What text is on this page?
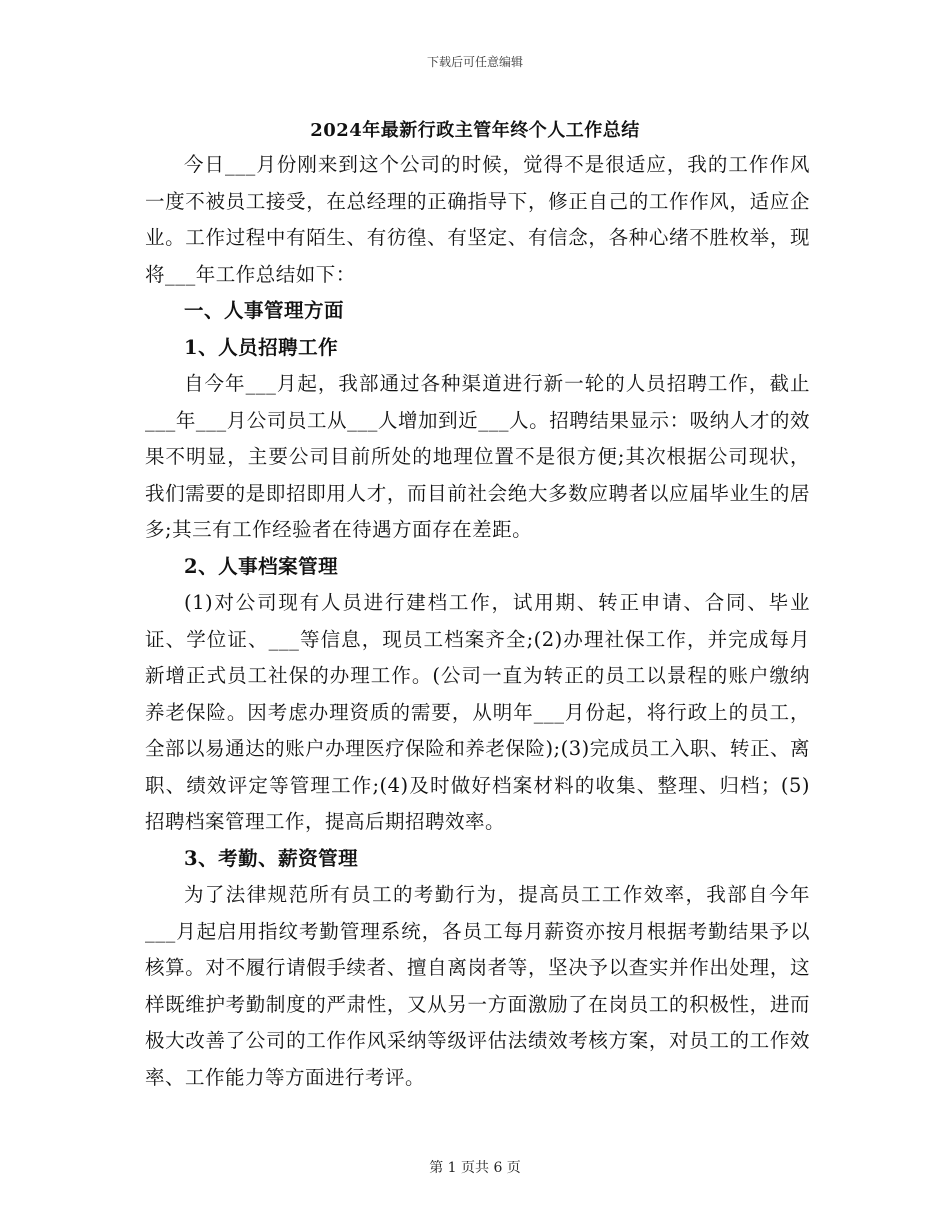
下载后可任意编辑
2024年最新行政主管年终个人工作总结

今日___月份刚来到这个公司的时候，觉得不是很适应，我的工作作风一度不被员工接受，在总经理的正确指导下，修正自己的工作作风，适应企业。工作过程中有陌生、有彷徨、有坚定、有信念，各种心绪不胜枚举，现将___年工作总结如下：

一、人事管理方面

1、人员招聘工作

自今年___月起，我部通过各种渠道进行新一轮的人员招聘工作，截止___年___月公司员工从___人增加到近___人。招聘结果显示：吸纳人才的效果不明显，主要公司目前所处的地理位置不是很方便;其次根据公司现状，我们需要的是即招即用人才，而目前社会绝大多数应聘者以应届毕业生的居多;其三有工作经验者在待遇方面存在差距。

2、人事档案管理

(1)对公司现有人员进行建档工作，试用期、转正申请、合同、毕业证、学位证、___等信息，现员工档案齐全;(2)办理社保工作，并完成每月新增正式员工社保的办理工作。(公司一直为转正的员工以景程的账户缴纳养老保险。因考虑办理资质的需要，从明年___月份起，将行政上的员工，全部以易通达的账户办理医疗保险和养老保险);(3)完成员工入职、转正、离职、绩效评定等管理工作;(4)及时做好档案材料的收集、整理、归档；(5)招聘档案管理工作，提高后期招聘效率。

3、考勤、薪资管理

为了法律规范所有员工的考勤行为，提高员工工作效率，我部自今年___月起启用指纹考勤管理系统，各员工每月薪资亦按月根据考勤结果予以核算。对不履行请假手续者、擅自离岗者等，坚决予以查实并作出处理，这样既维护考勤制度的严肃性，又从另一方面激励了在岗员工的积极性，进而极大改善了公司的工作作风采纳等级评估法绩效考核方案，对员工的工作效率、工作能力等方面进行考评。

第 1 页共 6 页
